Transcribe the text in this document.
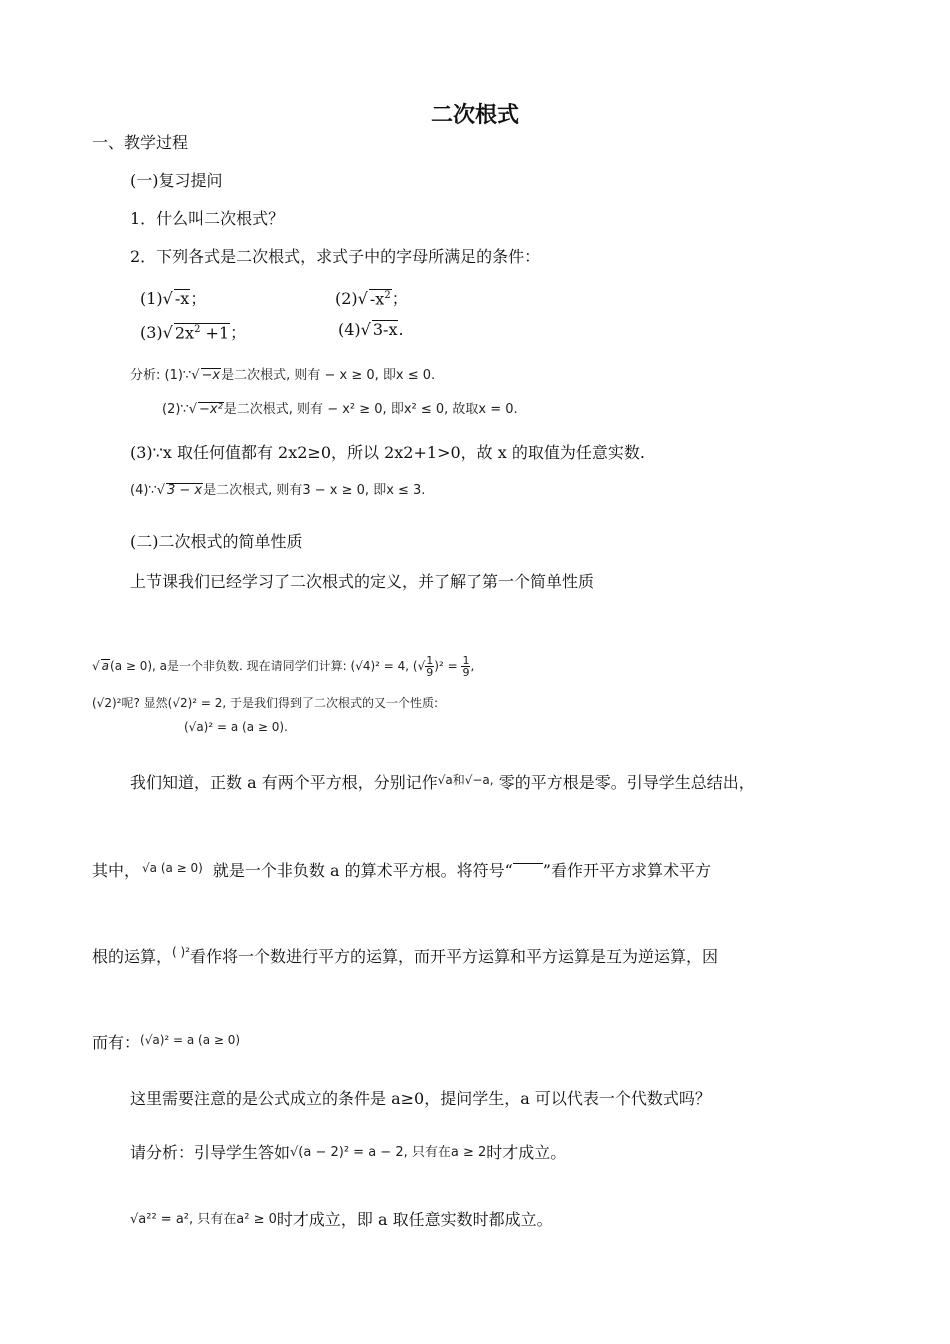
二次根式
一、教学过程
(一)复习提问
1．什么叫二次根式？
2．下列各式是二次根式，求式子中的字母所满足的条件：
(1)√ -x；	(2)√ $-x^2$；
(3)√ $2x^2 +1$；	(4)√ 3-x.
分析: (1)∵√ −x是二次根式, 则有 − x ≥ 0, 即x ≤ 0.
(2)∵√ −x²是二次根式, 则有 − x² ≥ 0, 即x² ≤ 0, 故取x = 0.
(3)∵x 取任何值都有 2x2≥0，所以 2x2+1>0，故 x 的取值为任意实数.
(4)∵√ 3 − x是二次根式, 则有3 − x ≥ 0, 即x ≤ 3.
(二)二次根式的简单性质
上节课我们已经学习了二次根式的定义，并了解了第一个简单性质
√ a(a ≥ 0), a是一个非负数. 现在请同学们计算: (√4)² = 4, (√ $\frac{1}{9} )^2 = \frac{1}{9}$ ,
(√2)²呢? 显然(√2)² = 2, 于是我们得到了二次根式的又一个性质:
(√a)² = a (a ≥ 0).
我们知道，正数 a 有两个平方根，分别记作$^{√a和√-a,}$ 零的平方根是零。引导学生总结出，
其中， $^{√a (a \ge 0)}$ 就是一个非负数 a 的算术平方根。将符号“ ”看作开平方求算术平方
根的运算，$^{( )^2}$看作将一个数进行平方的运算，而开平方运算和平方运算是互为逆运算，因
而有：$^{(√a)^2 = a (a \ge 0)}$
这里需要注意的是公式成立的条件是 a≥0，提问学生，a 可以代表一个代数式吗？
请分析：引导学生答如√(a − 2)² = a − 2, 只有在a ≥ 2时才成立。
√a²² = a², 只有在a² ≥ 0时才成立，即 a 取任意实数时都成立。
